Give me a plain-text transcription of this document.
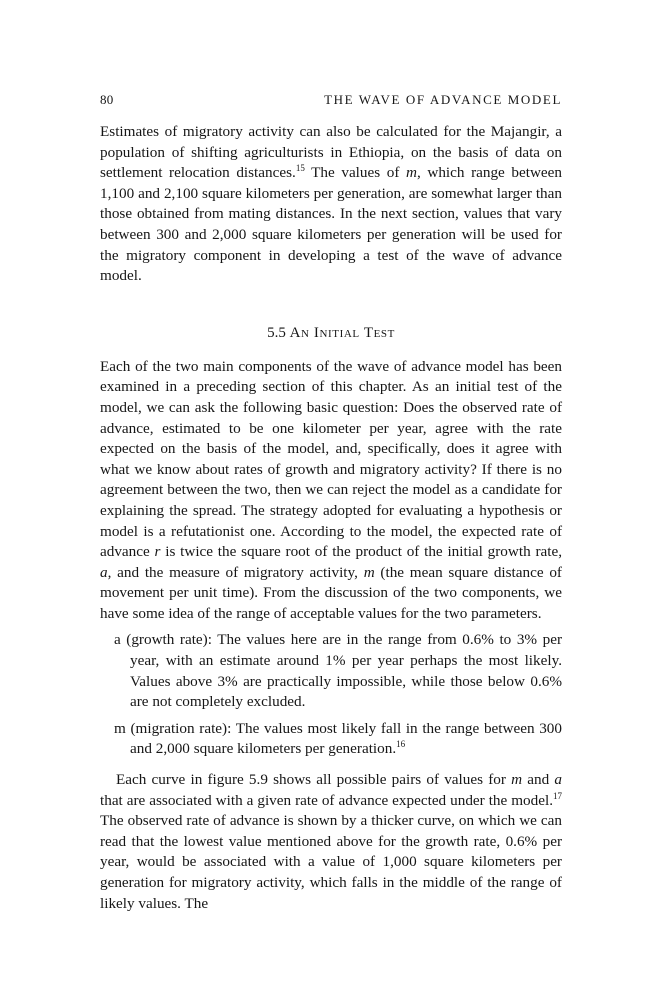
80	THE WAVE OF ADVANCE MODEL

Estimates of migratory activity can also be calculated for the Majangir, a population of shifting agriculturists in Ethiopia, on the basis of data on settlement relocation distances.$^{15}$ The values of m, which range between 1,100 and 2,100 square kilometers per generation, are somewhat larger than those obtained from mating distances. In the next section, values that vary between 300 and 2,000 square kilometers per generation will be used for the migratory component in developing a test of the wave of advance model.

5.5 An Initial Test

Each of the two main components of the wave of advance model has been examined in a preceding section of this chapter. As an initial test of the model, we can ask the following basic question: Does the observed rate of advance, estimated to be one kilometer per year, agree with the rate expected on the basis of the model, and, specifically, does it agree with what we know about rates of growth and migratory activity? If there is no agreement between the two, then we can reject the model as a candidate for explaining the spread. The strategy adopted for evaluating a hypothesis or model is a refutationist one. According to the model, the expected rate of advance r is twice the square root of the product of the initial growth rate, a, and the measure of migratory activity, m (the mean square distance of movement per unit time). From the discussion of the two components, we have some idea of the range of acceptable values for the two parameters.

a (growth rate): The values here are in the range from 0.6% to 3% per year, with an estimate around 1% per year perhaps the most likely. Values above 3% are practically impossible, while those below 0.6% are not completely excluded.

m (migration rate): The values most likely fall in the range between 300 and 2,000 square kilometers per generation.$^{16}$

Each curve in figure 5.9 shows all possible pairs of values for m and a that are associated with a given rate of advance expected under the model.$^{17}$ The observed rate of advance is shown by a thicker curve, on which we can read that the lowest value mentioned above for the growth rate, 0.6% per year, would be associated with a value of 1,000 square kilometers per generation for migratory activity, which falls in the middle of the range of likely values. The
